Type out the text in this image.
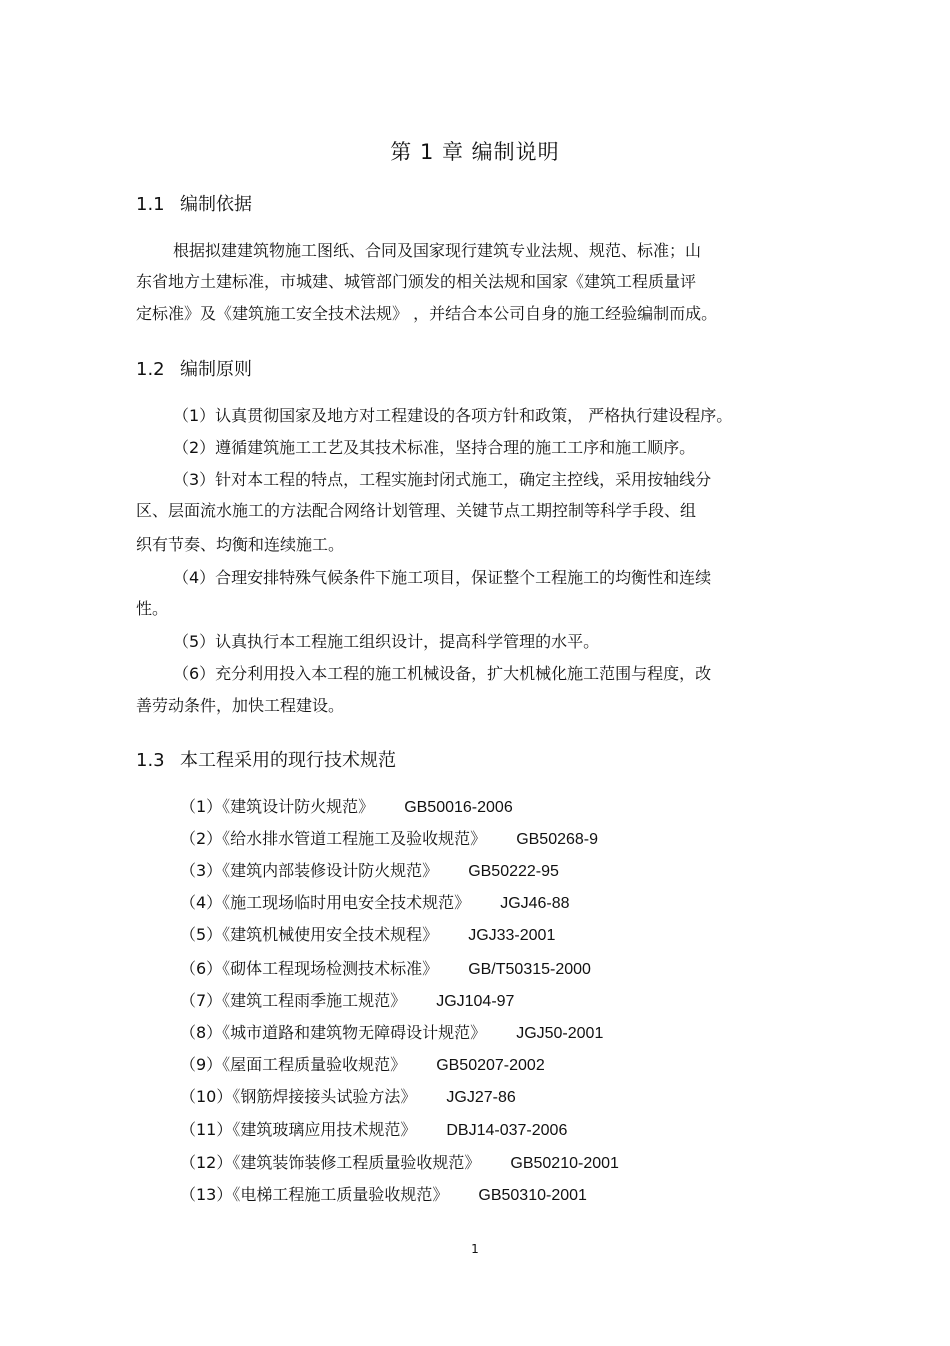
第 1 章 编制说明
1.1 编制依据
根据拟建建筑物施工图纸、合同及国家现行建筑专业法规、规范、标准；山
东省地方土建标准，市城建、城管部门颁发的相关法规和国家《建筑工程质量评
定标准》及《建筑施工安全技术法规》 ，并结合本公司自身的施工经验编制而成。
1.2 编制原则
（1）认真贯彻国家及地方对工程建设的各项方针和政策， 严格执行建设程序。
（2）遵循建筑施工工艺及其技术标准，坚持合理的施工工序和施工顺序。
（3）针对本工程的特点，工程实施封闭式施工，确定主控线，采用按轴线分
区、层面流水施工的方法配合网络计划管理、关键节点工期控制等科学手段、组
织有节奏、均衡和连续施工。
（4）合理安排特殊气候条件下施工项目，保证整个工程施工的均衡性和连续
性。
（5）认真执行本工程施工组织设计，提高科学管理的水平。
（6）充分利用投入本工程的施工机械设备，扩大机械化施工范围与程度，改
善劳动条件，加快工程建设。
1.3 本工程采用的现行技术规范
（1）《建筑设计防火规范》 GB50016-2006
（2）《给水排水管道工程施工及验收规范》 GB50268-9
（3）《建筑内部装修设计防火规范》 GB50222-95
（4）《施工现场临时用电安全技术规范》 JGJ46-88
（5）《建筑机械使用安全技术规程》 JGJ33-2001
（6）《砌体工程现场检测技术标准》 GB/T50315-2000
（7）《建筑工程雨季施工规范》 JGJ104-97
（8）《城市道路和建筑物无障碍设计规范》 JGJ50-2001
（9）《屋面工程质量验收规范》 GB50207-2002
（10）《钢筋焊接接头试验方法》 JGJ27-86
（11）《建筑玻璃应用技术规范》 DBJ14-037-2006
（12）《建筑装饰装修工程质量验收规范》 GB50210-2001
（13）《电梯工程施工质量验收规范》 GB50310-2001
1
